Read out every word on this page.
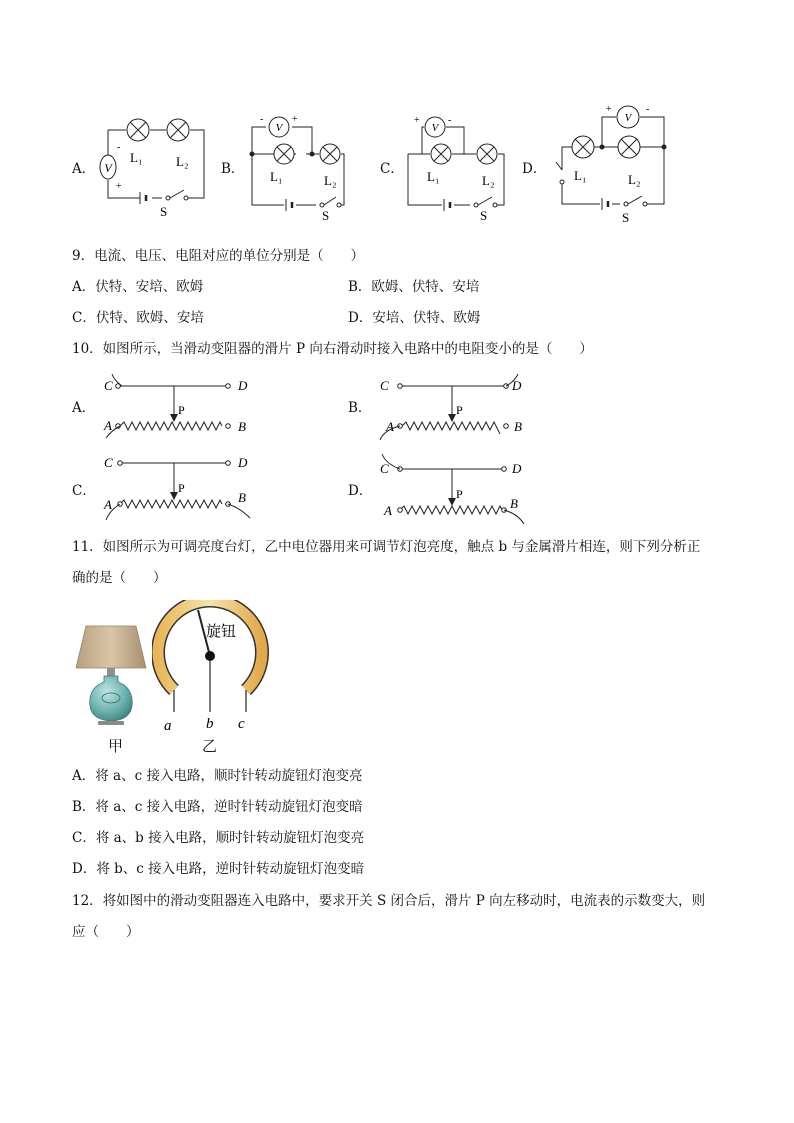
A．	B．	C．	D．
V
-
+
L₁	L₂
S
V
-	+
L₁	L₂
S
V
+	-
L₁	L₂
S
V
+	-
L₁	L₂
S
9．电流、电压、电阻对应的单位分别是（　　）
A．伏特、安培、欧姆	B．欧姆、伏特、安培
C．伏特、欧姆、安培	D．安培、伏特、欧姆
10．如图所示，当滑动变阻器的滑片 P 向右滑动时接入电路中的电阻变小的是（　　）
A．	B．
C．	D．
C	D
A	B
P
C	D
A	B
P
C	D
A	B
P
C	D
A	B
P
11．如图所示为可调亮度台灯，乙中电位器用来可调节灯泡亮度，触点 b 与金属滑片相连，则下列分析正
确的是（　　）
甲
旋钮
a b c
乙
A．将 a、c 接入电路，顺时针转动旋钮灯泡变亮
B．将 a、c 接入电路，逆时针转动旋钮灯泡变暗
C．将 a、b 接入电路，顺时针转动旋钮灯泡变亮
D．将 b、c 接入电路，逆时针转动旋钮灯泡变暗
12．将如图中的滑动变阻器连入电路中，要求开关 S 闭合后，滑片 P 向左移动时，电流表的示数变大，则
应（　　）
